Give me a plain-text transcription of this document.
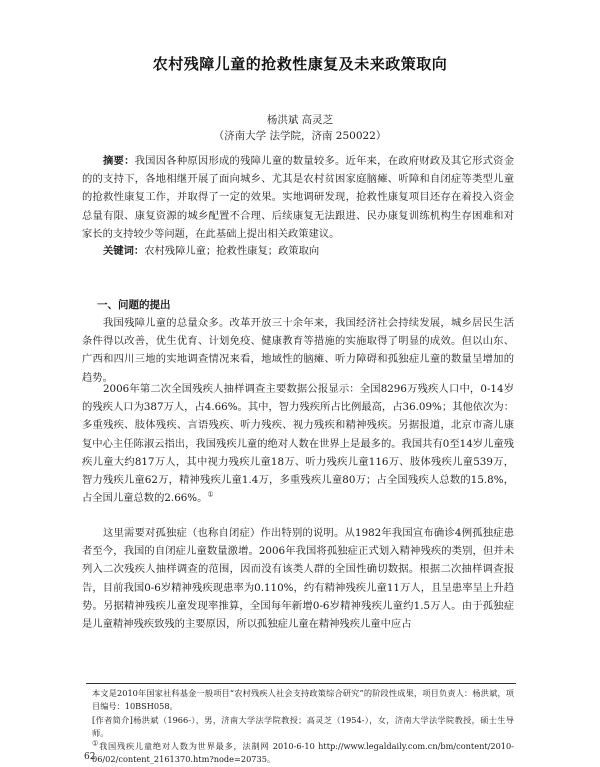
农村残障儿童的抢救性康复及未来政策取向
杨洪斌 高灵芝
（济南大学 法学院，济南 250022）

摘要：我国因各种原因形成的残障儿童的数量较多。近年来，在政府财政及其它形式资金的的支持下，各地相继开展了面向城乡、尤其是农村贫困家庭脑瘫、听障和自闭症等类型儿童的抢救性康复工作，并取得了一定的效果。实地调研发现，抢救性康复项目还存在着投入资金总量有限、康复资源的城乡配置不合理、后续康复无法跟进、民办康复训练机构生存困难和对家长的支持较少等问题，在此基础上提出相关政策建议。

关键词：农村残障儿童；抢救性康复；政策取向

一、问题的提出

我国残障儿童的总量众多。改革开放三十余年来，我国经济社会持续发展，城乡居民生活条件得以改善，优生优育、计划免疫、健康教育等措施的实施取得了明显的成效。但以山东、广西和四川三地的实地调查情况来看，地域性的脑瘫、听力障碍和孤独症儿童的数量呈增加的趋势。

2006年第二次全国残疾人抽样调查主要数据公报显示：全国8296万残疾人口中，0-14岁的残疾人口为387万人，占4.66%。其中，智力残疾所占比例最高，占36.09%；其他依次为：多重残疾、肢体残疾、言语残疾、听力残疾、视力残疾和精神残疾。另据报道，北京市斋儿康复中心主任陈淑云指出，我国残疾儿童的绝对人数在世界上是最多的。我国共有0至14岁儿童残疾儿童大约817万人，其中视力残疾儿童18万、听力残疾儿童116万、肢体残疾儿童539万，智力残疾儿童62万，精神残疾儿童1.4万，多重残疾儿童80万；占全国残疾人总数的15.8%，占全国儿童总数的2.66%。①

这里需要对孤独症（也称自闭症）作出特别的说明。从1982年我国宣布确诊4例孤独症患者至今，我国的自闭症儿童数量激增。2006年我国将孤独症正式划入精神残疾的类别，但并未列入二次残疾人抽样调查的范围，因而没有该类人群的全国性确切数据。根据二次抽样调查报告，目前我国0-6岁精神残疾现患率为0.110%，约有精神残疾儿童11万人，且呈患率呈上升趋势。另据精神残疾儿童发现率推算，全国每年新增0-6岁精神残疾儿童约1.5万人。由于孤独症是儿童精神残疾致残的主要原因，所以孤独症儿童在精神残疾儿童中应占

本文是2010年国家社科基金一般项目“农村残疾人社会支持政策综合研究”的阶段性成果，项目负责人：杨洪斌，项目编号：10BSH058。

[作者简介]杨洪斌（1966-），男，济南大学法学院教授；高灵芝（1954-），女，济南大学法学院教授，硕士生导师。

①我国残疾儿童绝对人数为世界最多，法制网 2010-6-10 http://www.legaldaily.com.cn/bm/content/2010-06/02/content_2161370.htm?node=20735。

62
